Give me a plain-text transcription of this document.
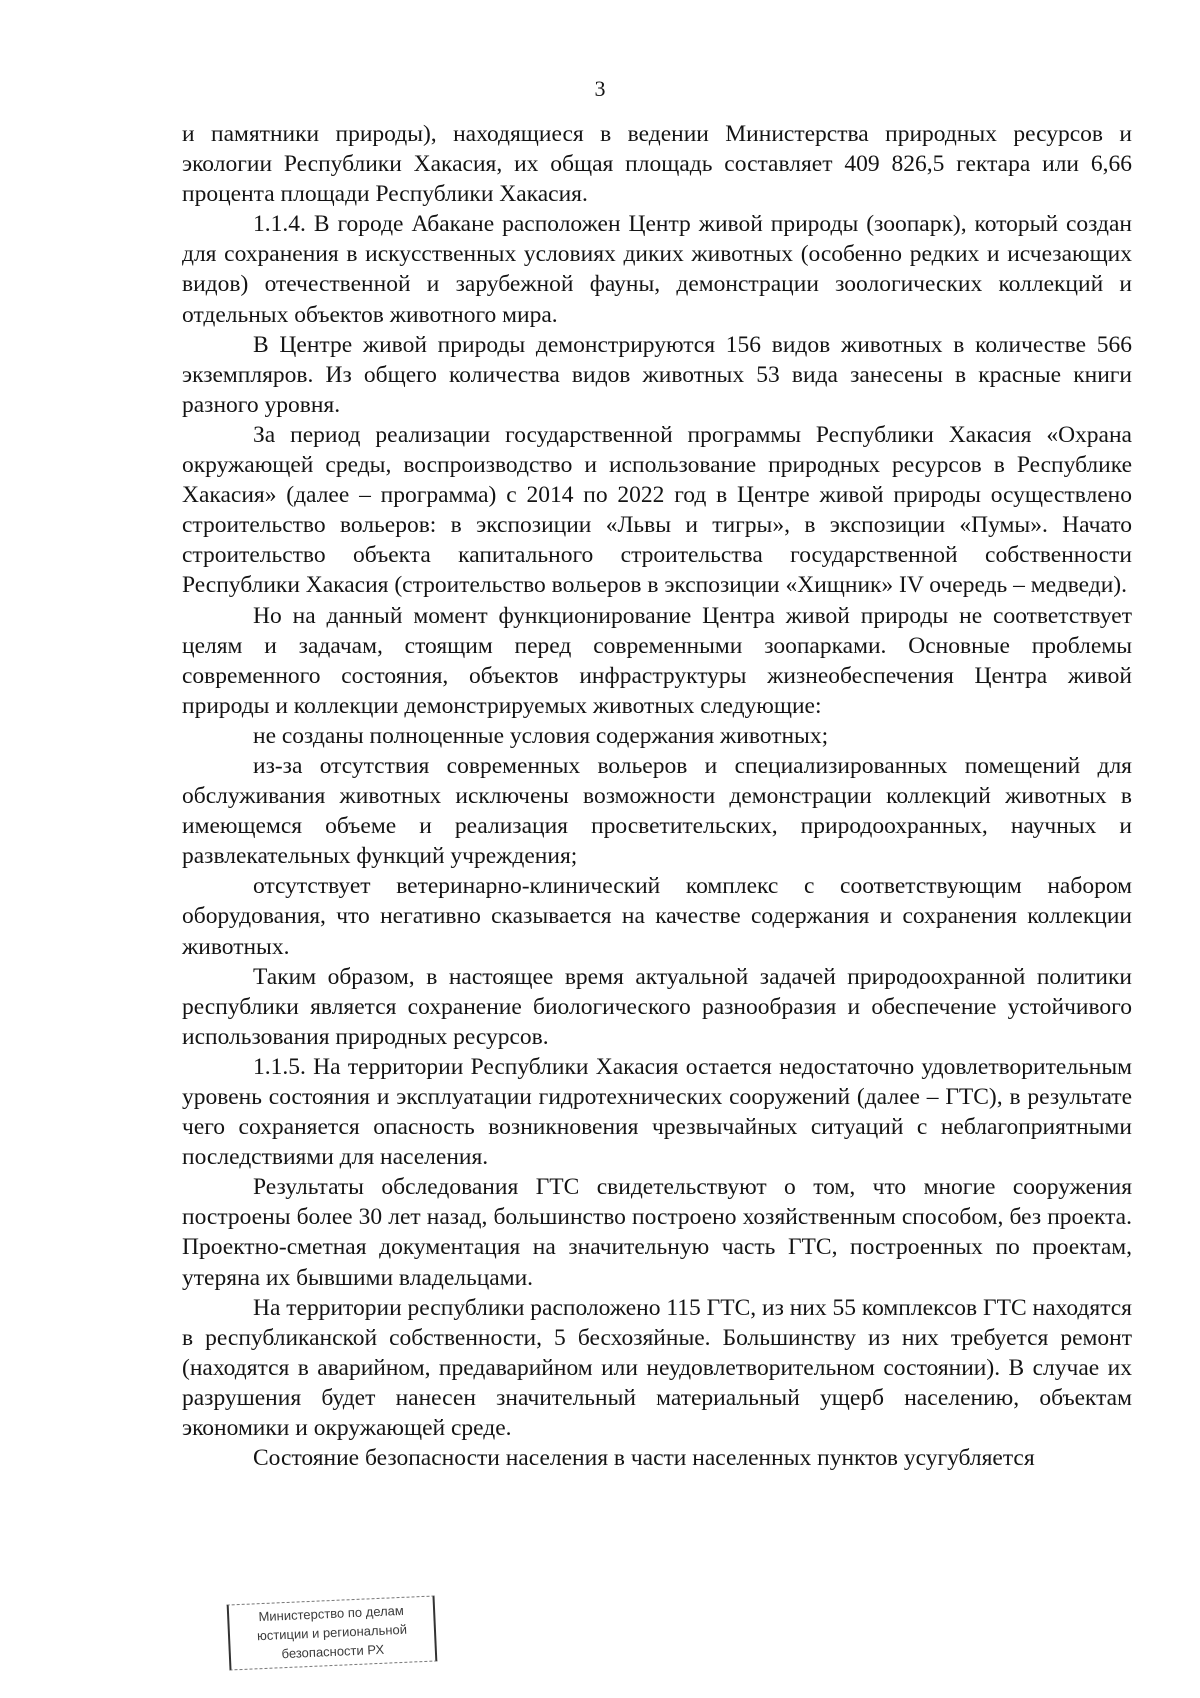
3

и памятники природы), находящиеся в ведении Министерства природных ресурсов и экологии Республики Хакасия, их общая площадь составляет 409 826,5 гектара или 6,66 процента площади Республики Хакасия.

1.1.4. В городе Абакане расположен Центр живой природы (зоопарк), который создан для сохранения в искусственных условиях диких животных (особенно редких и исчезающих видов) отечественной и зарубежной фауны, демонстрации зоологических коллекций и отдельных объектов животного мира.

В Центре живой природы демонстрируются 156 видов животных в количестве 566 экземпляров. Из общего количества видов животных 53 вида занесены в красные книги разного уровня.

За период реализации государственной программы Республики Хакасия «Охрана окружающей среды, воспроизводство и использование природных ресурсов в Республике Хакасия» (далее – программа) с 2014 по 2022 год в Центре живой природы осуществлено строительство вольеров: в экспозиции «Львы и тигры», в экспозиции «Пумы». Начато строительство объекта капитального строительства государственной собственности Республики Хакасия (строительство вольеров в экспозиции «Хищник» IV очередь – медведи).

Но на данный момент функционирование Центра живой природы не соответствует целям и задачам, стоящим перед современными зоопарками. Основные проблемы современного состояния, объектов инфраструктуры жизнеобеспечения Центра живой природы и коллекции демонстрируемых животных следующие:

не созданы полноценные условия содержания животных;

из-за отсутствия современных вольеров и специализированных помещений для обслуживания животных исключены возможности демонстрации коллекций животных в имеющемся объеме и реализация просветительских, природоохранных, научных и развлекательных функций учреждения;

отсутствует ветеринарно-клинический комплекс с соответствующим набором оборудования, что негативно сказывается на качестве содержания и сохранения коллекции животных.

Таким образом, в настоящее время актуальной задачей природоохранной политики республики является сохранение биологического разнообразия и обеспечение устойчивого использования природных ресурсов.

1.1.5. На территории Республики Хакасия остается недостаточно удовлетворительным уровень состояния и эксплуатации гидротехнических сооружений (далее – ГТС), в результате чего сохраняется опасность возникновения чрезвычайных ситуаций с неблагоприятными последствиями для населения.

Результаты обследования ГТС свидетельствуют о том, что многие сооружения построены более 30 лет назад, большинство построено хозяйственным способом, без проекта. Проектно-сметная документация на значительную часть ГТС, построенных по проектам, утеряна их бывшими владельцами.

На территории республики расположено 115 ГТС, из них 55 комплексов ГТС находятся в республиканской собственности, 5 бесхозяйные. Большинству из них требуется ремонт (находятся в аварийном, предаварийном или неудовлетворительном состоянии). В случае их разрушения будет нанесен значительный материальный ущерб населению, объектам экономики и окружающей среде.

Состояние безопасности населения в части населенных пунктов усугубляется

Министерство по делам
юстиции и региональной
безопасности РХ
